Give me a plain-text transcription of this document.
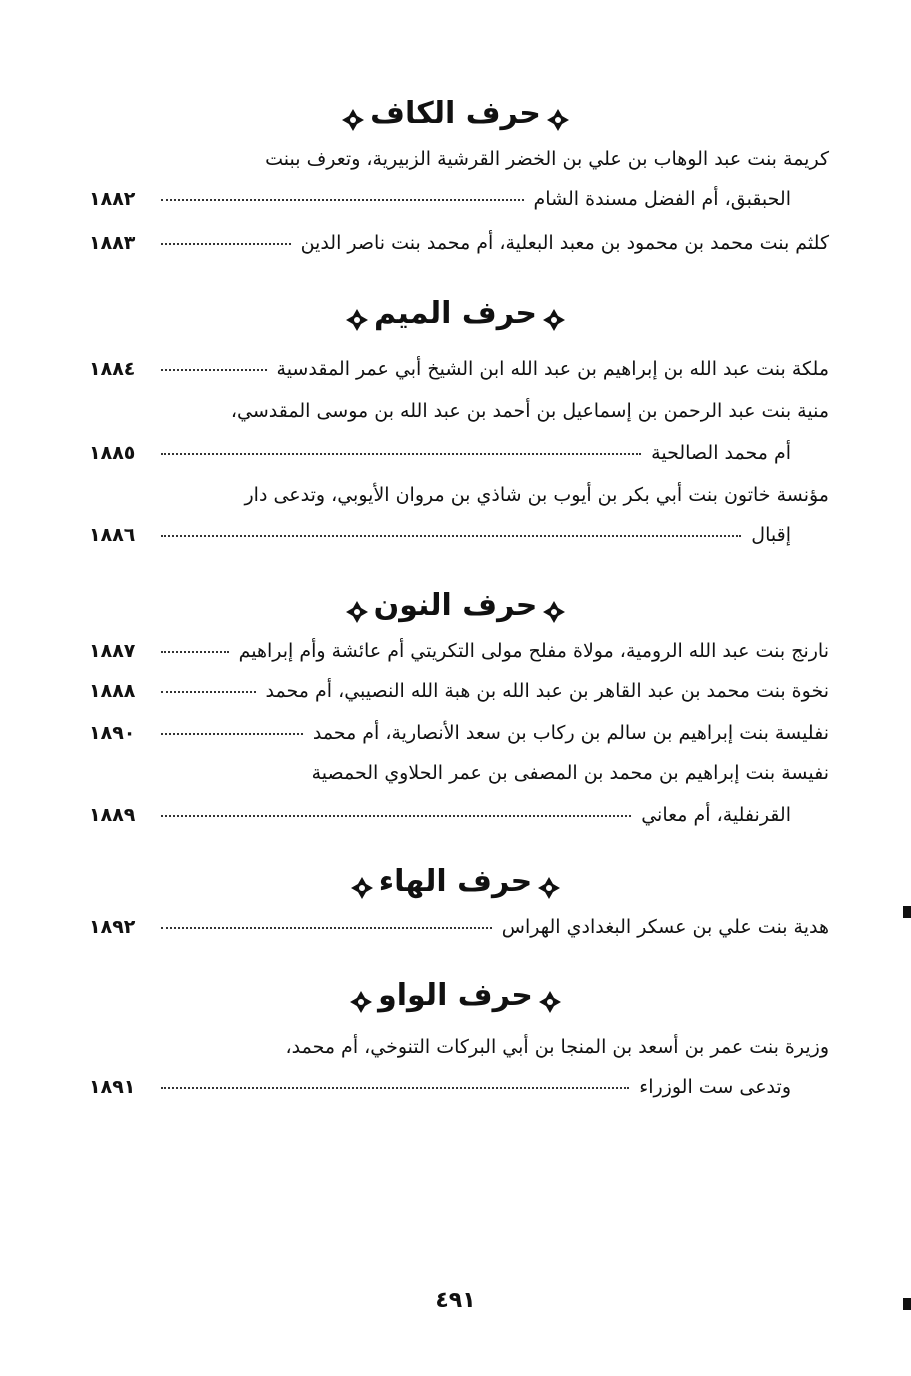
حرف الكاف
كريمة بنت عبد الوهاب بن علي بن الخضر القرشية الزبيرية، وتعرف ببنت
الحبقبق، أم الفضل مسندة الشام
١٨٨٢
كلثم بنت محمد بن محمود بن معبد البعلية، أم محمد بنت ناصر الدين
١٨٨٣
حرف الميم
ملكة بنت عبد الله بن إبراهيم بن عبد الله ابن الشيخ أبي عمر المقدسية
١٨٨٤
منية بنت عبد الرحمن بن إسماعيل بن أحمد بن عبد الله بن موسى المقدسي،
أم محمد الصالحية
١٨٨٥
مؤنسة خاتون بنت أبي بكر بن أيوب بن شاذي بن مروان الأيوبي، وتدعى دار
إقبال
١٨٨٦
حرف النون
نارنج بنت عبد الله الرومية، مولاة مفلح مولى التكريتي أم عائشة وأم إبراهيم
١٨٨٧
نخوة بنت محمد بن عبد القاهر بن عبد الله بن هبة الله النصيبي، أم محمد
١٨٨٨
نفليسة بنت إبراهيم بن سالم بن ركاب بن سعد الأنصارية، أم محمد
١٨٩٠
نفيسة بنت إبراهيم بن محمد بن المصفى بن عمر الحلاوي الحمصية
القرنفلية، أم معاني
١٨٨٩
حرف الهاء
هدية بنت علي بن عسكر البغدادي الهراس
١٨٩٢
حرف الواو
وزيرة بنت عمر بن أسعد بن المنجا بن أبي البركات التنوخي، أم محمد،
وتدعى ست الوزراء
١٨٩١
٤٩١
